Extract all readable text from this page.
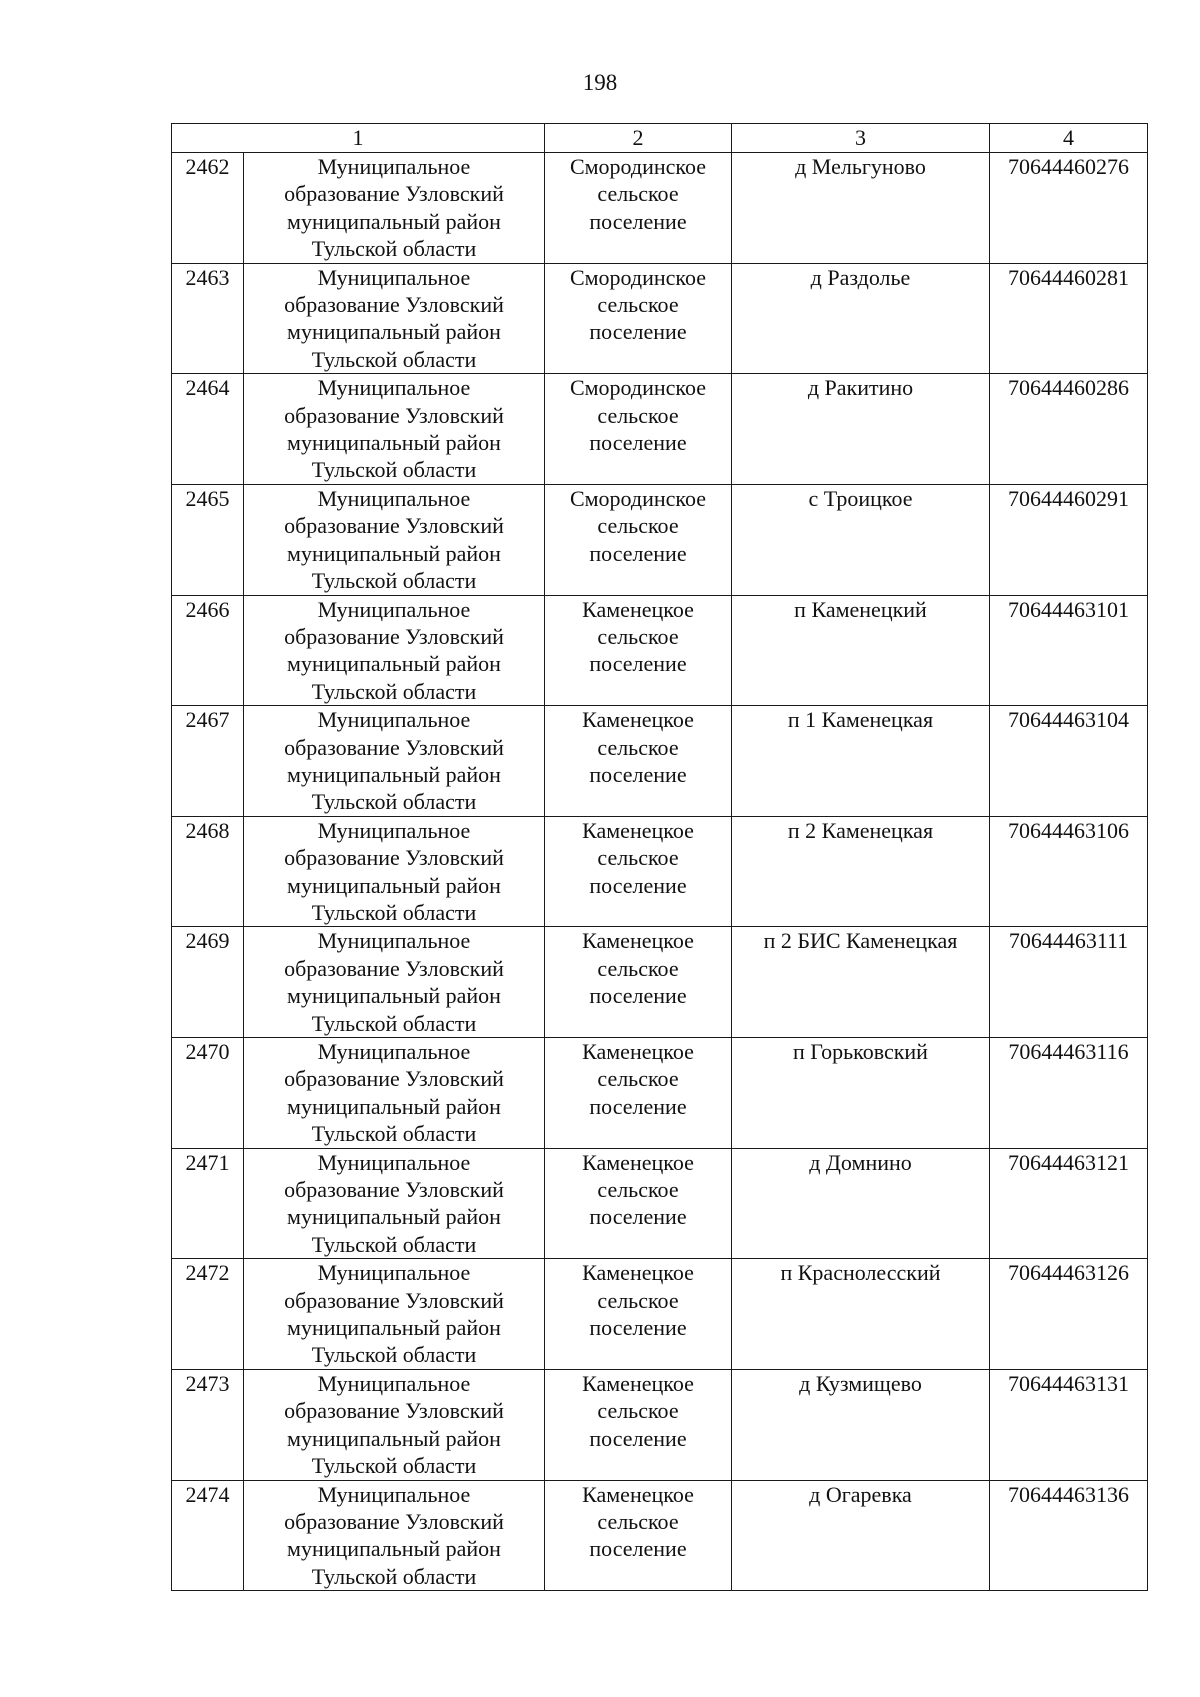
198
1		2	3	4
2462	Муниципальное
образование Узловский
муниципальный район
Тульской области	Смородинское
сельское
поселение	д Мельгуново	70644460276
2463	Муниципальное
образование Узловский
муниципальный район
Тульской области	Смородинское
сельское
поселение	д Раздолье	70644460281
2464	Муниципальное
образование Узловский
муниципальный район
Тульской области	Смородинское
сельское
поселение	д Ракитино	70644460286
2465	Муниципальное
образование Узловский
муниципальный район
Тульской области	Смородинское
сельское
поселение	с Троицкое	70644460291
2466	Муниципальное
образование Узловский
муниципальный район
Тульской области	Каменецкое
сельское
поселение	п Каменецкий	70644463101
2467	Муниципальное
образование Узловский
муниципальный район
Тульской области	Каменецкое
сельское
поселение	п 1 Каменецкая	70644463104
2468	Муниципальное
образование Узловский
муниципальный район
Тульской области	Каменецкое
сельское
поселение	п 2 Каменецкая	70644463106
2469	Муниципальное
образование Узловский
муниципальный район
Тульской области	Каменецкое
сельское
поселение	п 2 БИС Каменецкая	70644463111
2470	Муниципальное
образование Узловский
муниципальный район
Тульской области	Каменецкое
сельское
поселение	п Горьковский	70644463116
2471	Муниципальное
образование Узловский
муниципальный район
Тульской области	Каменецкое
сельское
поселение	д Домнино	70644463121
2472	Муниципальное
образование Узловский
муниципальный район
Тульской области	Каменецкое
сельское
поселение	п Краснолесский	70644463126
2473	Муниципальное
образование Узловский
муниципальный район
Тульской области	Каменецкое
сельское
поселение	д Кузмищево	70644463131
2474	Муниципальное
образование Узловский
муниципальный район
Тульской области	Каменецкое
сельское
поселение	д Огаревка	70644463136
